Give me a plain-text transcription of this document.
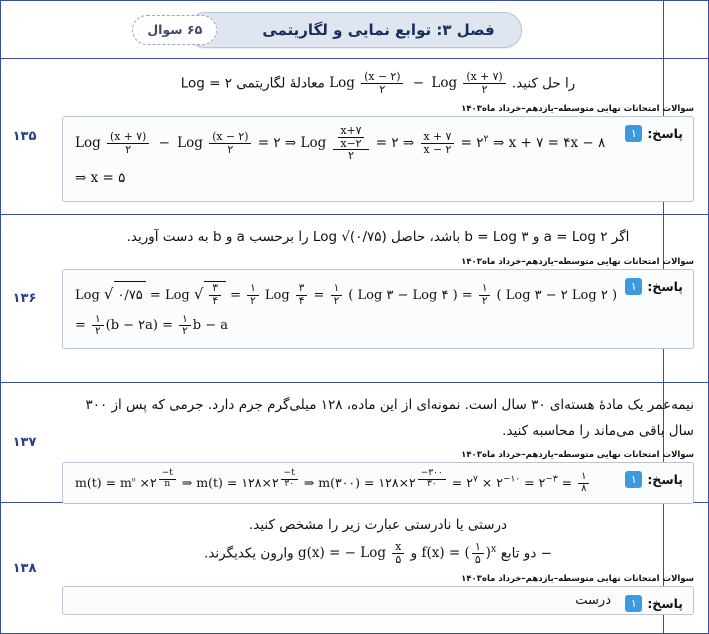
فصل ۳: توابع نمایی و لگاریتمی
۶۵ سوال
۱۳۵
را حل کنید. Log $\frac{(x - ۲)}{۲}$ − Log $\frac{(x + ۷)}{۲}$
معادلهٔ لگاریتمی ۲ = Log
سوالات امتحانات نهایی متوسطه–یازدهم–خرداد ماه۱۴۰۳
پاسخ:
۱
Log $\frac{(x + ۷)}{۲}$ − Log $\frac{(x - ۲)}{۲}$ = ۲ ⇒ Log $\frac{\frac{x+۷}{x-۲}}{۲}$ = ۲ ⇒ $\frac{x + ۷}{x - ۲}$ = $۲^۲$ ⇒ x + ۷ = ۴x − ۸
⇒ x = ۵
۱۳۶
اگر a = Log ۲ و b = Log ۳ باشد، حاصل Log √(۰/۷۵) را برحسب a و b به دست آورید.
سوالات امتحانات نهایی متوسطه–یازدهم–خرداد ماه۱۴۰۳
پاسخ:
۱
Log √ ۰/۷۵ = Log √ $\frac{۳}{۴} = \frac{۱}{۲}$ Log $\frac{۳}{۴} = \frac{۱}{۲}$ ( Log ۳ − Log ۴ ) = $\frac{۱}{۲}$ ( Log ۳ − ۲ Log ۲ )
= $\frac{۱}{۲} (b$ − ۲a) = $\frac{۱}{۲}$ b − a
۱۳۷
نیمه‌عمر یک مادهٔ هسته‌ای ۳۰ سال است. نمونه‌ای از این ماده، ۱۲۸ میلی‌گرم جرم دارد. جرمی که پس از ۳۰۰ سال باقی می‌ماند را محاسبه کنید.
سوالات امتحانات نهایی متوسطه–یازدهم–خرداد ماه۱۴۰۳
پاسخ:
۱
$m(t) = m^{_0}$ ×۲ $^{\frac{-t}{n}}$ ⇒ m(t) = ۱۲۸×۲ $^{\frac{-t}{۳۰}}$ ⇒ m(۳۰۰) = ۱۲۸×۲ $^{\frac{-۳۰۰}{۳۰}} = ۲^۷$ × $۲^{-۱۰}$ = $۲^{-۳} = \frac{۱}{۸}$
۱۳۸
درستی یا نادرستی عبارت زیر را مشخص کنید.
− دو تابع f(x) = ( $\frac{۱}{۵} )^x$ و g(x) = − Log $\frac{x}{۵}$
وارون یکدیگرند.
سوالات امتحانات نهایی متوسطه–یازدهم–خرداد ماه۱۴۰۳
پاسخ:
۱
درست
